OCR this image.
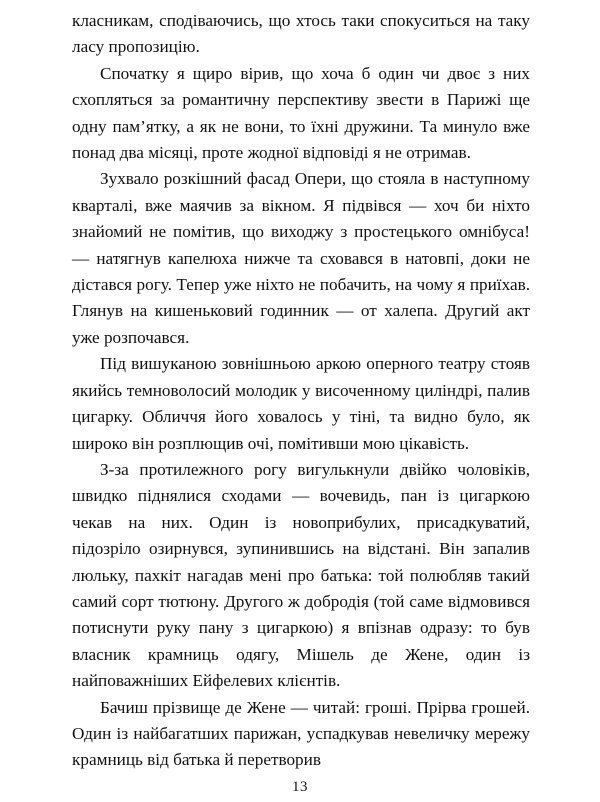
класникам, сподіваючись, що хтось таки спокуситься на таку ласу пропозицію.

Спочатку я щиро вірив, що хоча б один чи двоє з них схопляться за романтичну перспективу звести в Парижі ще одну пам’ятку, а як не вони, то їхні дружини. Та минуло вже понад два місяці, проте жодної відповіді я не отримав.

Зухвало розкішний фасад Опери, що стояла в наступному кварталі, вже маячив за вікном. Я підвівся — хоч би ніхто знайомий не помітив, що виходжу з простецького омнібуса! — натягнув капелюха нижче та сховався в натовпі, доки не дістався рогу. Тепер уже ніхто не побачить, на чому я приїхав. Глянув на кишеньковий годинник — от халепа. Другий акт уже розпочався.

Під вишуканою зовнішньою аркою оперного театру стояв якийсь темноволосий молодик у височенному циліндрі, палив цигарку. Обличчя його ховалось у тіні, та видно було, як широко він розплющив очі, помітивши мою цікавість.

З-за протилежного рогу вигулькнули двійко чоловіків, швидко піднялися сходами — вочевидь, пан із цигаркою чекав на них. Один із новоприбулих, присадкуватий, підозріло озирнувся, зупинившись на відстані. Він запалив люльку, пахкіт нагадав мені про батька: той полюбляв такий самий сорт тютюну. Другого ж добродія (той саме відмовився потиснути руку пану з цигаркою) я впізнав одразу: то був власник крамниць одягу, Мішель де Жене, один із найповажніших Ейфелевих клієнтів.

Бачиш прізвище де Жене — читай: гроші. Прірва грошей. Один із найбагатших парижан, успадкував невеличку мережу крамниць від батька й перетворив

13
